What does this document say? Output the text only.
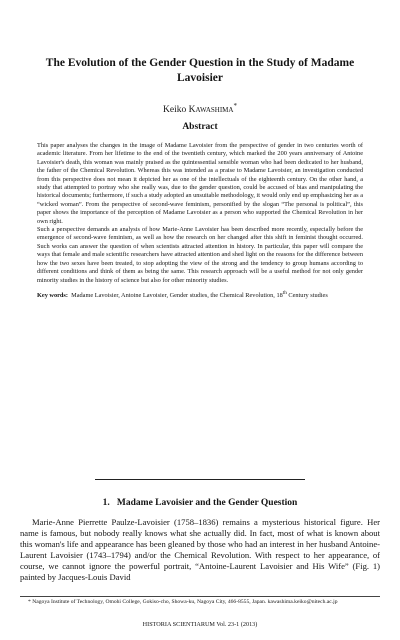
The Evolution of the Gender Question in the Study of Madame Lavoisier
Keiko Kawashima*
Abstract

This paper analyses the changes in the image of Madame Lavoisier from the perspective of gender in two centuries worth of academic literature. From her lifetime to the end of the twentieth century, which marked the 200 years anniversary of Antoine Lavoisier's death, this woman was mainly praised as the quintessential sensible woman who had been dedicated to her husband, the father of the Chemical Revolution. Whereas this was intended as a praise to Madame Lavoisier, an investigation conducted from this perspective does not mean it depicted her as one of the intellectuals of the eighteenth century. On the other hand, a study that attempted to portray who she really was, due to the gender question, could be accused of bias and manipulating the historical documents; furthermore, if such a study adopted an unsuitable methodology, it would only end up emphasizing her as a “wicked woman”. From the perspective of second-wave feminism, personified by the slogan “The personal is political”, this paper shows the importance of the perception of Madame Lavoisier as a person who supported the Chemical Revolution in her own right.

Such a perspective demands an analysis of how Marie-Anne Lavoisier has been described more recently, especially before the emergence of second-wave feminism, as well as how the research on her changed after this shift in feminist thought occurred. Such works can answer the question of when scientists attracted attention in history. In particular, this paper will compare the ways that female and male scientific researchers have attracted attention and shed light on the reasons for the difference between how the two sexes have been treated, to stop adopting the view of the strong and the tendency to group humans according to different conditions and think of them as being the same. This research approach will be a useful method for not only gender minority studies in the history of science but also for other minority studies.

Key words: Madame Lavoisier, Antoine Lavoisier, Gender studies, the Chemical Revolution, 18th Century studies

1. Madame Lavoisier and the Gender Question

Marie-Anne Pierrette Paulze-Lavoisier (1758–1836) remains a mysterious historical figure. Her name is famous, but nobody really knows what she actually did. In fact, most of what is known about this woman's life and appearance has been gleaned by those who had an interest in her husband Antoine-Laurent Lavoisier (1743–1794) and/or the Chemical Revolution. With respect to her appearance, of course, we cannot ignore the powerful portrait, “Antoine-Laurent Lavoisier and His Wife” (Fig. 1) painted by Jacques-Louis David

* Nagoya Institute of Technology, Omohi College, Gokiso-cho, Showa-ku, Nagoya City, 466-8555, Japan. kawashima.keiko@nitech.ac.jp

HISTORIA SCIENTIARUM Vol. 23-1 (2013)
